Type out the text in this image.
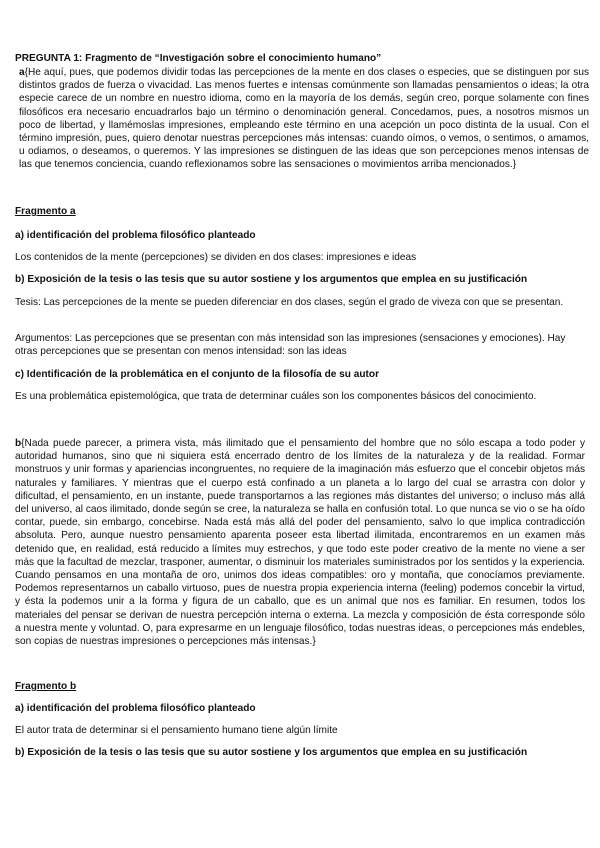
PREGUNTA 1: Fragmento de “Investigación sobre el conocimiento humano”

a{He aquí, pues, que podemos dividir todas las percepciones de la mente en dos clases o especies, que se distinguen por sus distintos grados de fuerza o vivacidad. Las menos fuertes e intensas comúnmente son llamadas pensamientos o ideas; la otra especie carece de un nombre en nuestro idioma, como en la mayoría de los demás, según creo, porque solamente con fines filosóficos era necesario encuadrarlos bajo un término o denominación general. Concedamos, pues, a nosotros mismos un poco de libertad, y llamémoslas impresiones, empleando este término en una acepción un poco distinta de la usual. Con el término impresión, pues, quiero denotar nuestras percepciones más intensas: cuando oímos, o vemos, o sentimos, o amamos, u odiamos, o deseamos, o queremos. Y las impresiones se distinguen de las ideas que son percepciones menos intensas de las que tenemos conciencia, cuando reflexionamos sobre las sensaciones o movimientos arriba mencionados.}

Fragmento a

a) identificación del problema filosófico planteado

Los contenidos de la mente (percepciones) se dividen en dos clases: impresiones e ideas

b) Exposición de la tesis o las tesis que su autor sostiene y los argumentos que emplea en su justificación

Tesis: Las percepciones de la mente se pueden diferenciar en dos clases, según el grado de viveza con que se presentan.

Argumentos: Las percepciones que se presentan con más intensidad son las impresiones (sensaciones y emociones). Hay otras percepciones que se presentan con menos intensidad: son las ideas

c) Identificación de la problemática en el conjunto de la filosofía de su autor

Es una problemática epistemológica, que trata de determinar cuáles son los componentes básicos del conocimiento.

b{Nada puede parecer, a primera vista, más ilimitado que el pensamiento del hombre que no sólo escapa a todo poder y autoridad humanos, sino que ni siquiera está encerrado dentro de los límites de la naturaleza y de la realidad. Formar monstruos y unir formas y apariencias incongruentes, no requiere de la imaginación más esfuerzo que el concebir objetos más naturales y familiares. Y mientras que el cuerpo está confinado a un planeta a lo largo del cual se arrastra con dolor y dificultad, el pensamiento, en un instante, puede transportarnos a las regiones más distantes del universo; o incluso más allá del universo, al caos ilimitado, donde según se cree, la naturaleza se halla en confusión total. Lo que nunca se vio o se ha oído contar, puede, sin embargo, concebirse. Nada está más allá del poder del pensamiento, salvo lo que implica contradicción absoluta. Pero, aunque nuestro pensamiento aparenta poseer esta libertad ilimitada, encontraremos en un examen más detenido que, en realidad, está reducido a límites muy estrechos, y que todo este poder creativo de la mente no viene a ser más que la facultad de mezclar, trasponer, aumentar, o disminuir los materiales suministrados por los sentidos y la experiencia. Cuando pensamos en una montaña de oro, unimos dos ideas compatibles: oro y montaña, que conocíamos previamente. Podemos representarnos un caballo virtuoso, pues de nuestra propia experiencia interna (feeling) podemos concebir la virtud, y ésta la podemos unir a la forma y figura de un caballo, que es un animal que nos es familiar. En resumen, todos los materiales del pensar se derivan de nuestra percepción interna o externa. La mezcla y composición de ésta corresponde sólo a nuestra mente y voluntad. O, para expresarme en un lenguaje filosófico, todas nuestras ideas, o percepciones más endebles, son copias de nuestras impresiones o percepciones más intensas.}

Fragmento b

a) identificación del problema filosófico planteado

El autor trata de determinar si el pensamiento humano tiene algún límite

b) Exposición de la tesis o las tesis que su autor sostiene y los argumentos que emplea en su justificación
